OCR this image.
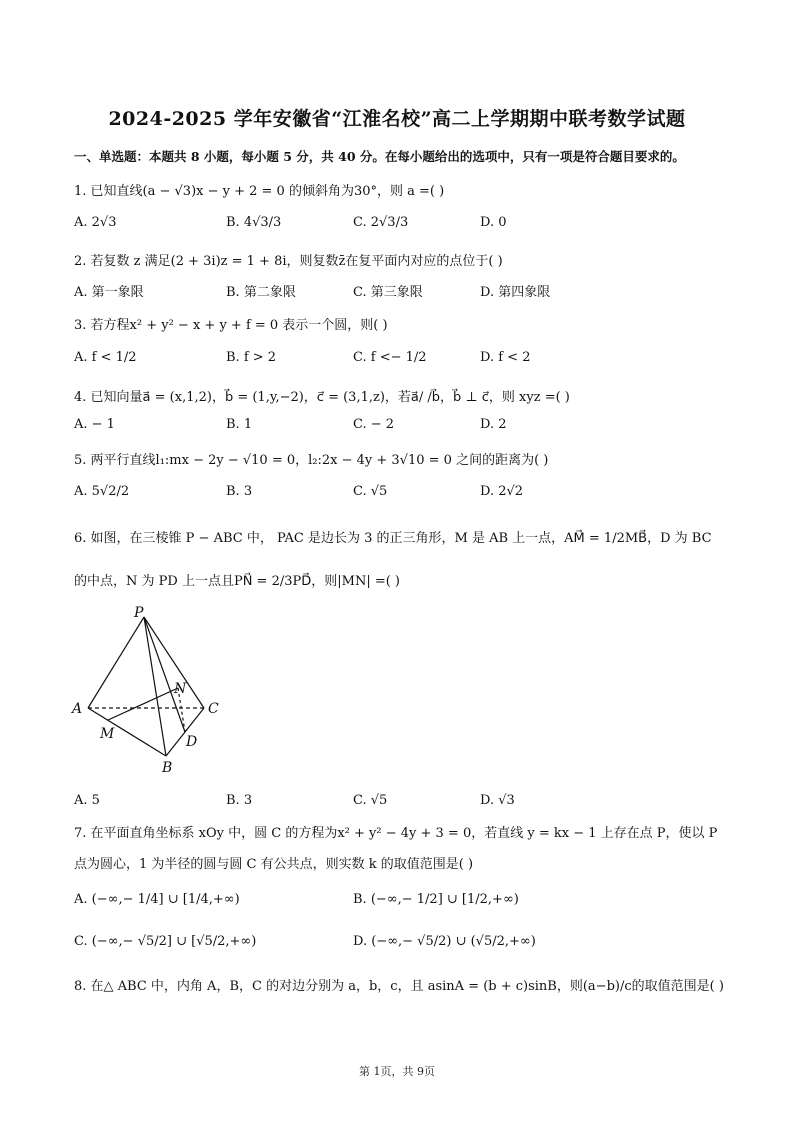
2024-2025 学年安徽省“江淮名校”高二上学期期中联考数学试题
一、单选题：本题共 8 小题，每小题 5 分，共 40 分。在每小题给出的选项中，只有一项是符合题目要求的。
1. 已知直线(a − √3)x − y + 2 = 0 的倾斜角为30°，则 a =( )
A. 2√3	B. 4√3/3	C. 2√3/3	D. 0
2. 若复数 z 满足(2 + 3i)z = 1 + 8i，则复数z̄在复平面内对应的点位于( )
A. 第一象限	B. 第二象限	C. 第三象限	D. 第四象限
3. 若方程x² + y² − x + y + f = 0 表示一个圆，则( )
A. f < 1/2	B. f > 2	C. f <− 1/2	D. f < 2
4. 已知向量a⃗ = (x,1,2)，b⃗ = (1,y,−2)，c⃗ = (3,1,z)，若a⃗/ /b⃗，b⃗ ⊥ c⃗，则 xyz =( )
A. − 1	B. 1	C. − 2	D. 2
5. 两平行直线l₁:mx − 2y − √10 = 0，l₂:2x − 4y + 3√10 = 0 之间的距离为( )
A. 5√2/2	B. 3	C. √5	D. 2√2
6. 如图，在三棱锥 P − ABC 中， PAC 是边长为 3 的正三角形，M 是 AB 上一点，AM⃗ = 1/2MB⃗，D 为 BC
的中点，N 为 PD 上一点且PN⃗ = 2/3PD⃗，则|MN| =( )
P
A	C
M
N
D
B
A. 5	B. 3	C. √5	D. √3
7. 在平面直角坐标系 xOy 中，圆 C 的方程为x² + y² − 4y + 3 = 0，若直线 y = kx − 1 上存在点 P，使以 P
点为圆心，1 为半径的圆与圆 C 有公共点，则实数 k 的取值范围是( )
A. (−∞,− 1/4] ∪ [1/4,+∞)	B. (−∞,− 1/2] ∪ [1/2,+∞)
C. (−∞,− √5/2] ∪ [√5/2,+∞)	D. (−∞,− √5/2) ∪ (√5/2,+∞)
8. 在△ ABC 中，内角 A，B，C 的对边分别为 a，b，c，且 asinA = (b + c)sinB，则(a−b)/c的取值范围是( )
第 1页，共 9页
